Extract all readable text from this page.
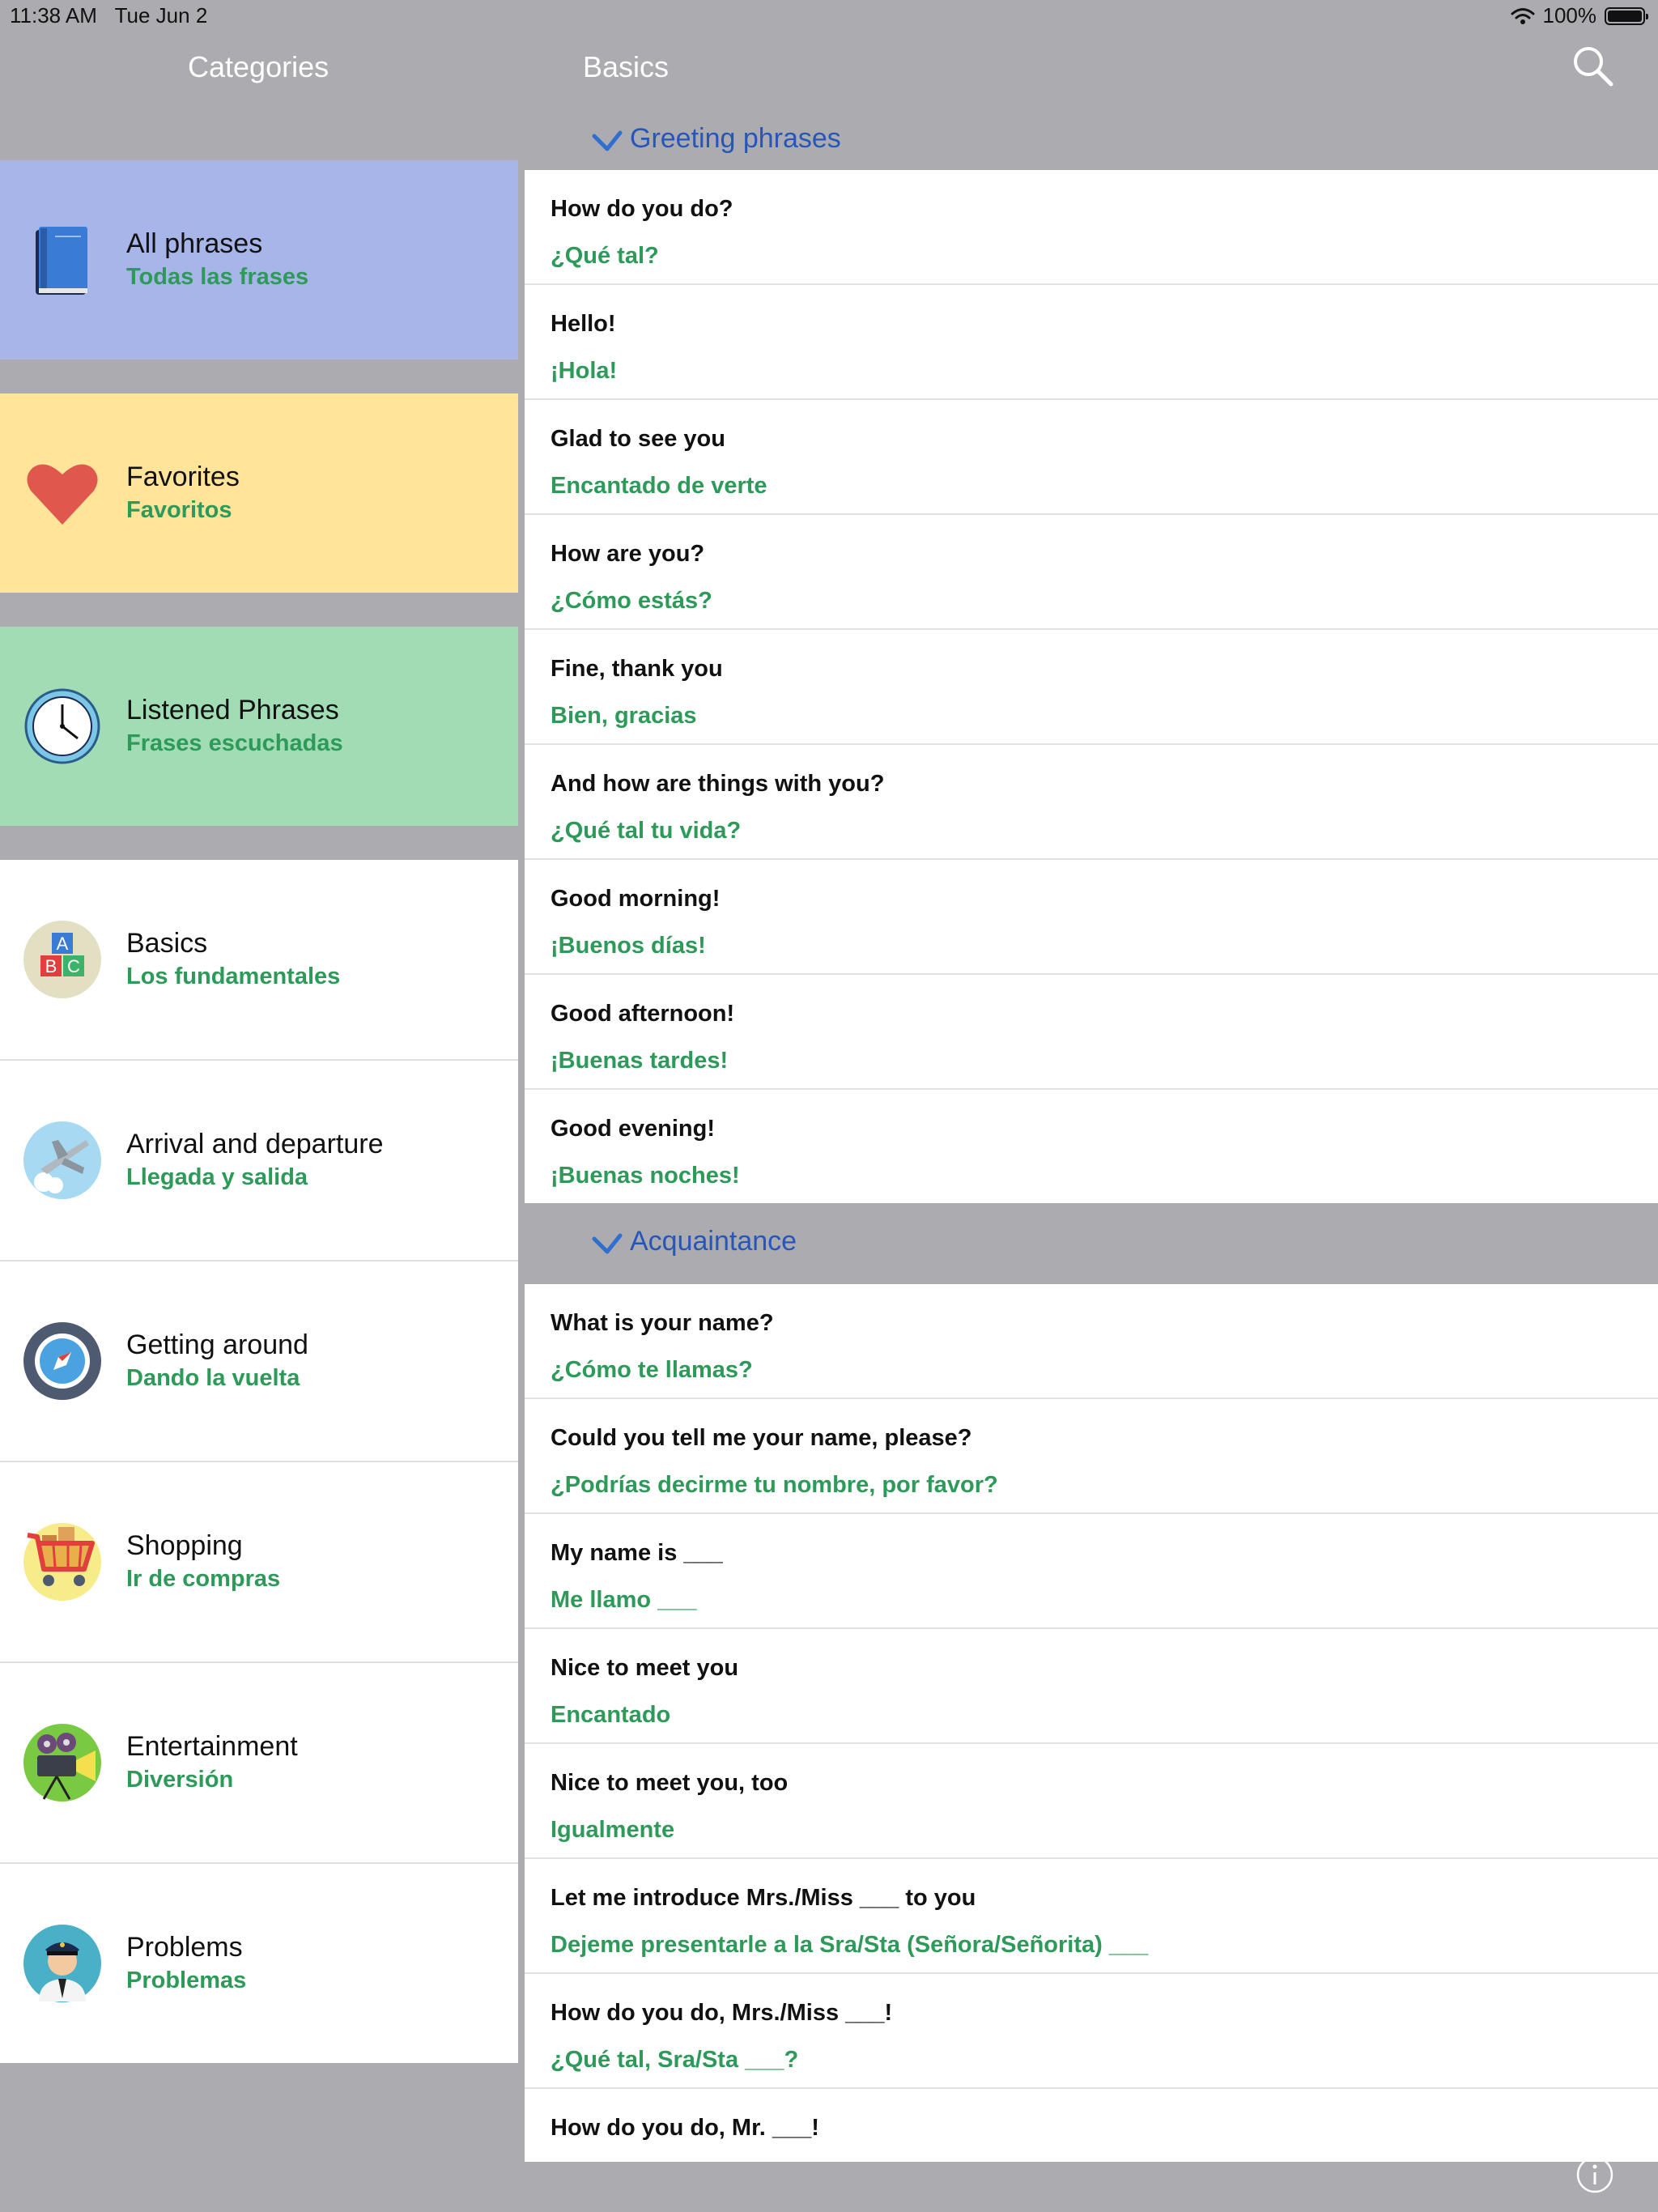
11:38 AM Tue Jun 2	100%
Categories	Basics
All phrases
Todas las frases
Favorites
Favoritos
Listened Phrases
Frases escuchadas
A
B C
Basics
Los fundamentales
Arrival and departure
Llegada y salida
Getting around
Dando la vuelta
Shopping
Ir de compras
Entertainment
Diversión
Problems
Problemas
Greeting phrases
How do you do?
¿Qué tal?
Hello!
¡Hola!
Glad to see you
Encantado de verte
How are you?
¿Cómo estás?
Fine, thank you
Bien, gracias
And how are things with you?
¿Qué tal tu vida?
Good morning!
¡Buenos días!
Good afternoon!
¡Buenas tardes!
Good evening!
¡Buenas noches!
Acquaintance
What is your name?
¿Cómo te llamas?
Could you tell me your name, please?
¿Podrías decirme tu nombre, por favor?
My name is ___
Me llamo ___
Nice to meet you
Encantado
Nice to meet you, too
Igualmente
Let me introduce Mrs./Miss ___ to you
Dejeme presentarle a la Sra/Sta (Señora/Señorita) ___
How do you do, Mrs./Miss ___!
¿Qué tal, Sra/Sta ___?
How do you do, Mr. ___!
